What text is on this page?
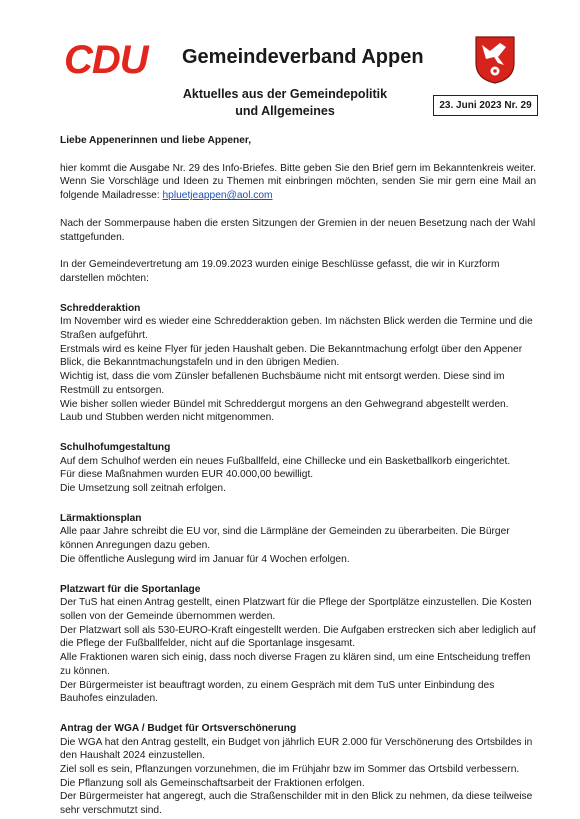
CDU Gemeindeverband Appen
Aktuelles aus der Gemeindepolitik
und Allgemeines	23. Juni 2023 Nr. 29

Liebe Appenerinnen und liebe Appener,

hier kommt die Ausgabe Nr. 29 des Info-Briefes. Bitte geben Sie den Brief gern im Bekanntenkreis weiter. Wenn Sie Vorschläge und Ideen zu Themen mit einbringen möchten, senden Sie mir gern eine Mail an folgende Mailadresse: hpluetjeappen@aol.com

Nach der Sommerpause haben die ersten Sitzungen der Gremien in der neuen Besetzung nach der Wahl stattgefunden.

In der Gemeindevertretung am 19.09.2023 wurden einige Beschlüsse gefasst, die wir in Kurzform darstellen möchten:

Schredderaktion

Im November wird es wieder eine Schredderaktion geben. Im nächsten Blick werden die Termine und die Straßen aufgeführt.

Erstmals wird es keine Flyer für jeden Haushalt geben. Die Bekanntmachung erfolgt über den Appener Blick, die Bekanntmachungstafeln und in den übrigen Medien.

Wichtig ist, dass die vom Zünsler befallenen Buchsbäume nicht mit entsorgt werden. Diese sind im Restmüll zu entsorgen.

Wie bisher sollen wieder Bündel mit Schreddergut morgens an den Gehwegrand abgestellt werden.

Laub und Stubben werden nicht mitgenommen.

Schulhofumgestaltung

Auf dem Schulhof werden ein neues Fußballfeld, eine Chillecke und ein Basketballkorb eingerichtet.

Für diese Maßnahmen wurden EUR 40.000,00 bewilligt.

Die Umsetzung soll zeitnah erfolgen.

Lärmaktionsplan

Alle paar Jahre schreibt die EU vor, sind die Lärmpläne der Gemeinden zu überarbeiten. Die Bürger können Anregungen dazu geben.

Die öffentliche Auslegung wird im Januar für 4 Wochen erfolgen.

Platzwart für die Sportanlage

Der TuS hat einen Antrag gestellt, einen Platzwart für die Pflege der Sportplätze einzustellen. Die Kosten sollen von der Gemeinde übernommen werden.

Der Platzwart soll als 530-EURO-Kraft eingestellt werden. Die Aufgaben erstrecken sich aber lediglich auf die Pflege der Fußballfelder, nicht auf die Sportanlage insgesamt.

Alle Fraktionen waren sich einig, dass noch diverse Fragen zu klären sind, um eine Entscheidung treffen zu können.

Der Bürgermeister ist beauftragt worden, zu einem Gespräch mit dem TuS unter Einbindung des Bauhofes einzuladen.

Antrag der WGA / Budget für Ortsverschönerung

Die WGA hat den Antrag gestellt, ein Budget von jährlich EUR 2.000 für Verschönerung des Ortsbildes in den Haushalt 2024 einzustellen.

Ziel soll es sein, Pflanzungen vorzunehmen, die im Frühjahr bzw im Sommer das Ortsbild verbessern.

Die Pflanzung soll als Gemeinschaftsarbeit der Fraktionen erfolgen.

Der Bürgermeister hat angeregt, auch die Straßenschilder mit in den Blick zu nehmen, da diese teilweise sehr verschmutzt sind.
